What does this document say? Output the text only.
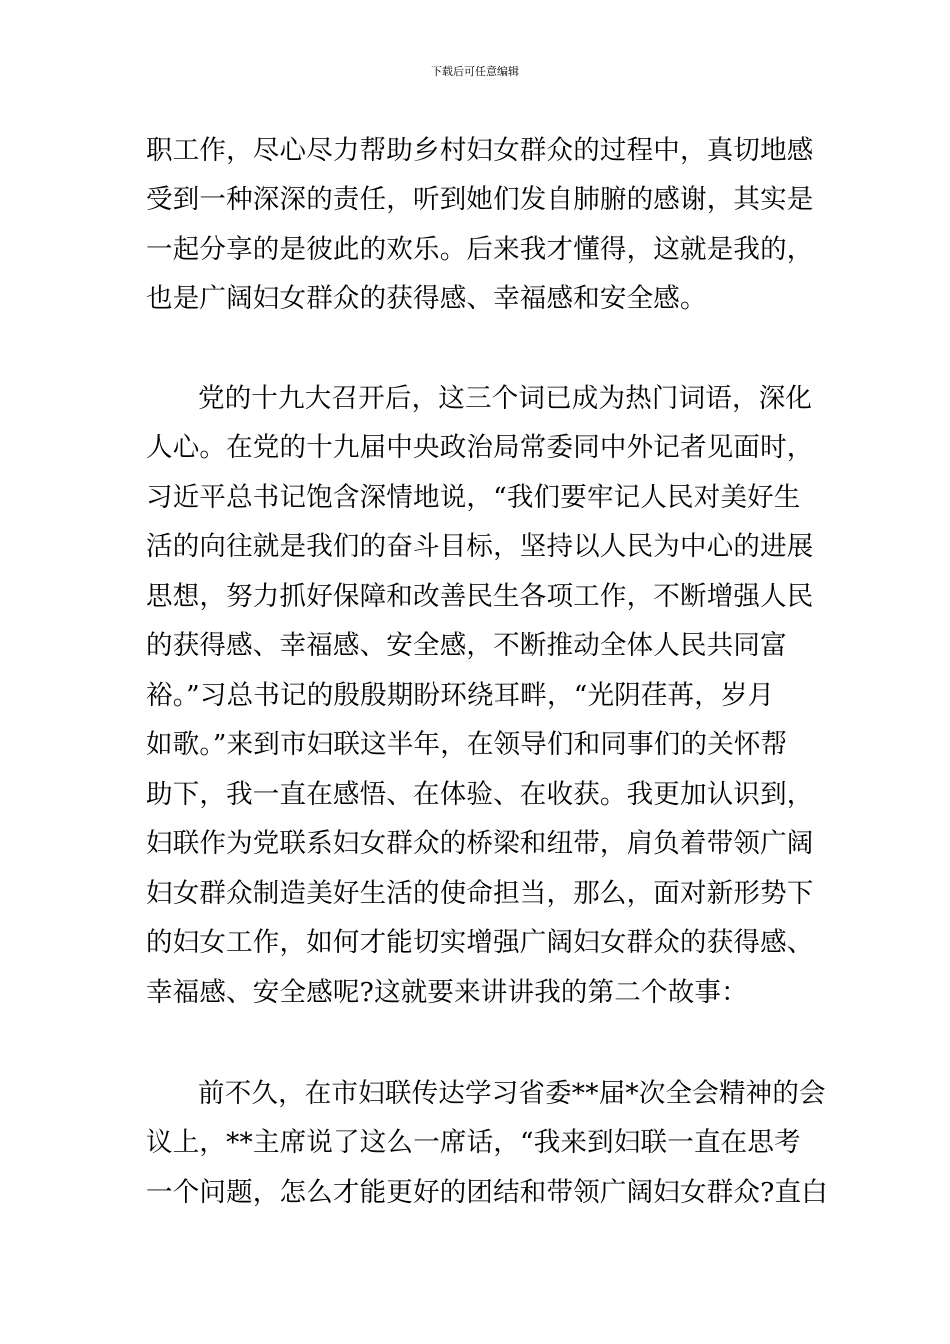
下载后可任意编辑
职工作，尽心尽力帮助乡村妇女群众的过程中，真切地感
受到一种深深的责任，听到她们发自肺腑的感谢，其实是
一起分享的是彼此的欢乐。后来我才懂得，这就是我的，
也是广阔妇女群众的获得感、幸福感和安全感。
党的十九大召开后，这三个词已成为热门词语，深化
人心。在党的十九届中央政治局常委同中外记者见面时，
习近平总书记饱含深情地说，“我们要牢记人民对美好生
活的向往就是我们的奋斗目标，坚持以人民为中心的进展
思想，努力抓好保障和改善民生各项工作，不断增强人民
的获得感、幸福感、安全感，不断推动全体人民共同富
裕。”习总书记的殷殷期盼环绕耳畔，“光阴荏苒，岁月
如歌。”来到市妇联这半年，在领导们和同事们的关怀帮
助下，我一直在感悟、在体验、在收获。我更加认识到，
妇联作为党联系妇女群众的桥梁和纽带，肩负着带领广阔
妇女群众制造美好生活的使命担当，那么，面对新形势下
的妇女工作，如何才能切实增强广阔妇女群众的获得感、
幸福感、安全感呢?这就要来讲讲我的第二个故事：
前不久，在市妇联传达学习省委**届*次全会精神的会
议上，**主席说了这么一席话，“我来到妇联一直在思考
一个问题，怎么才能更好的团结和带领广阔妇女群众?直白
